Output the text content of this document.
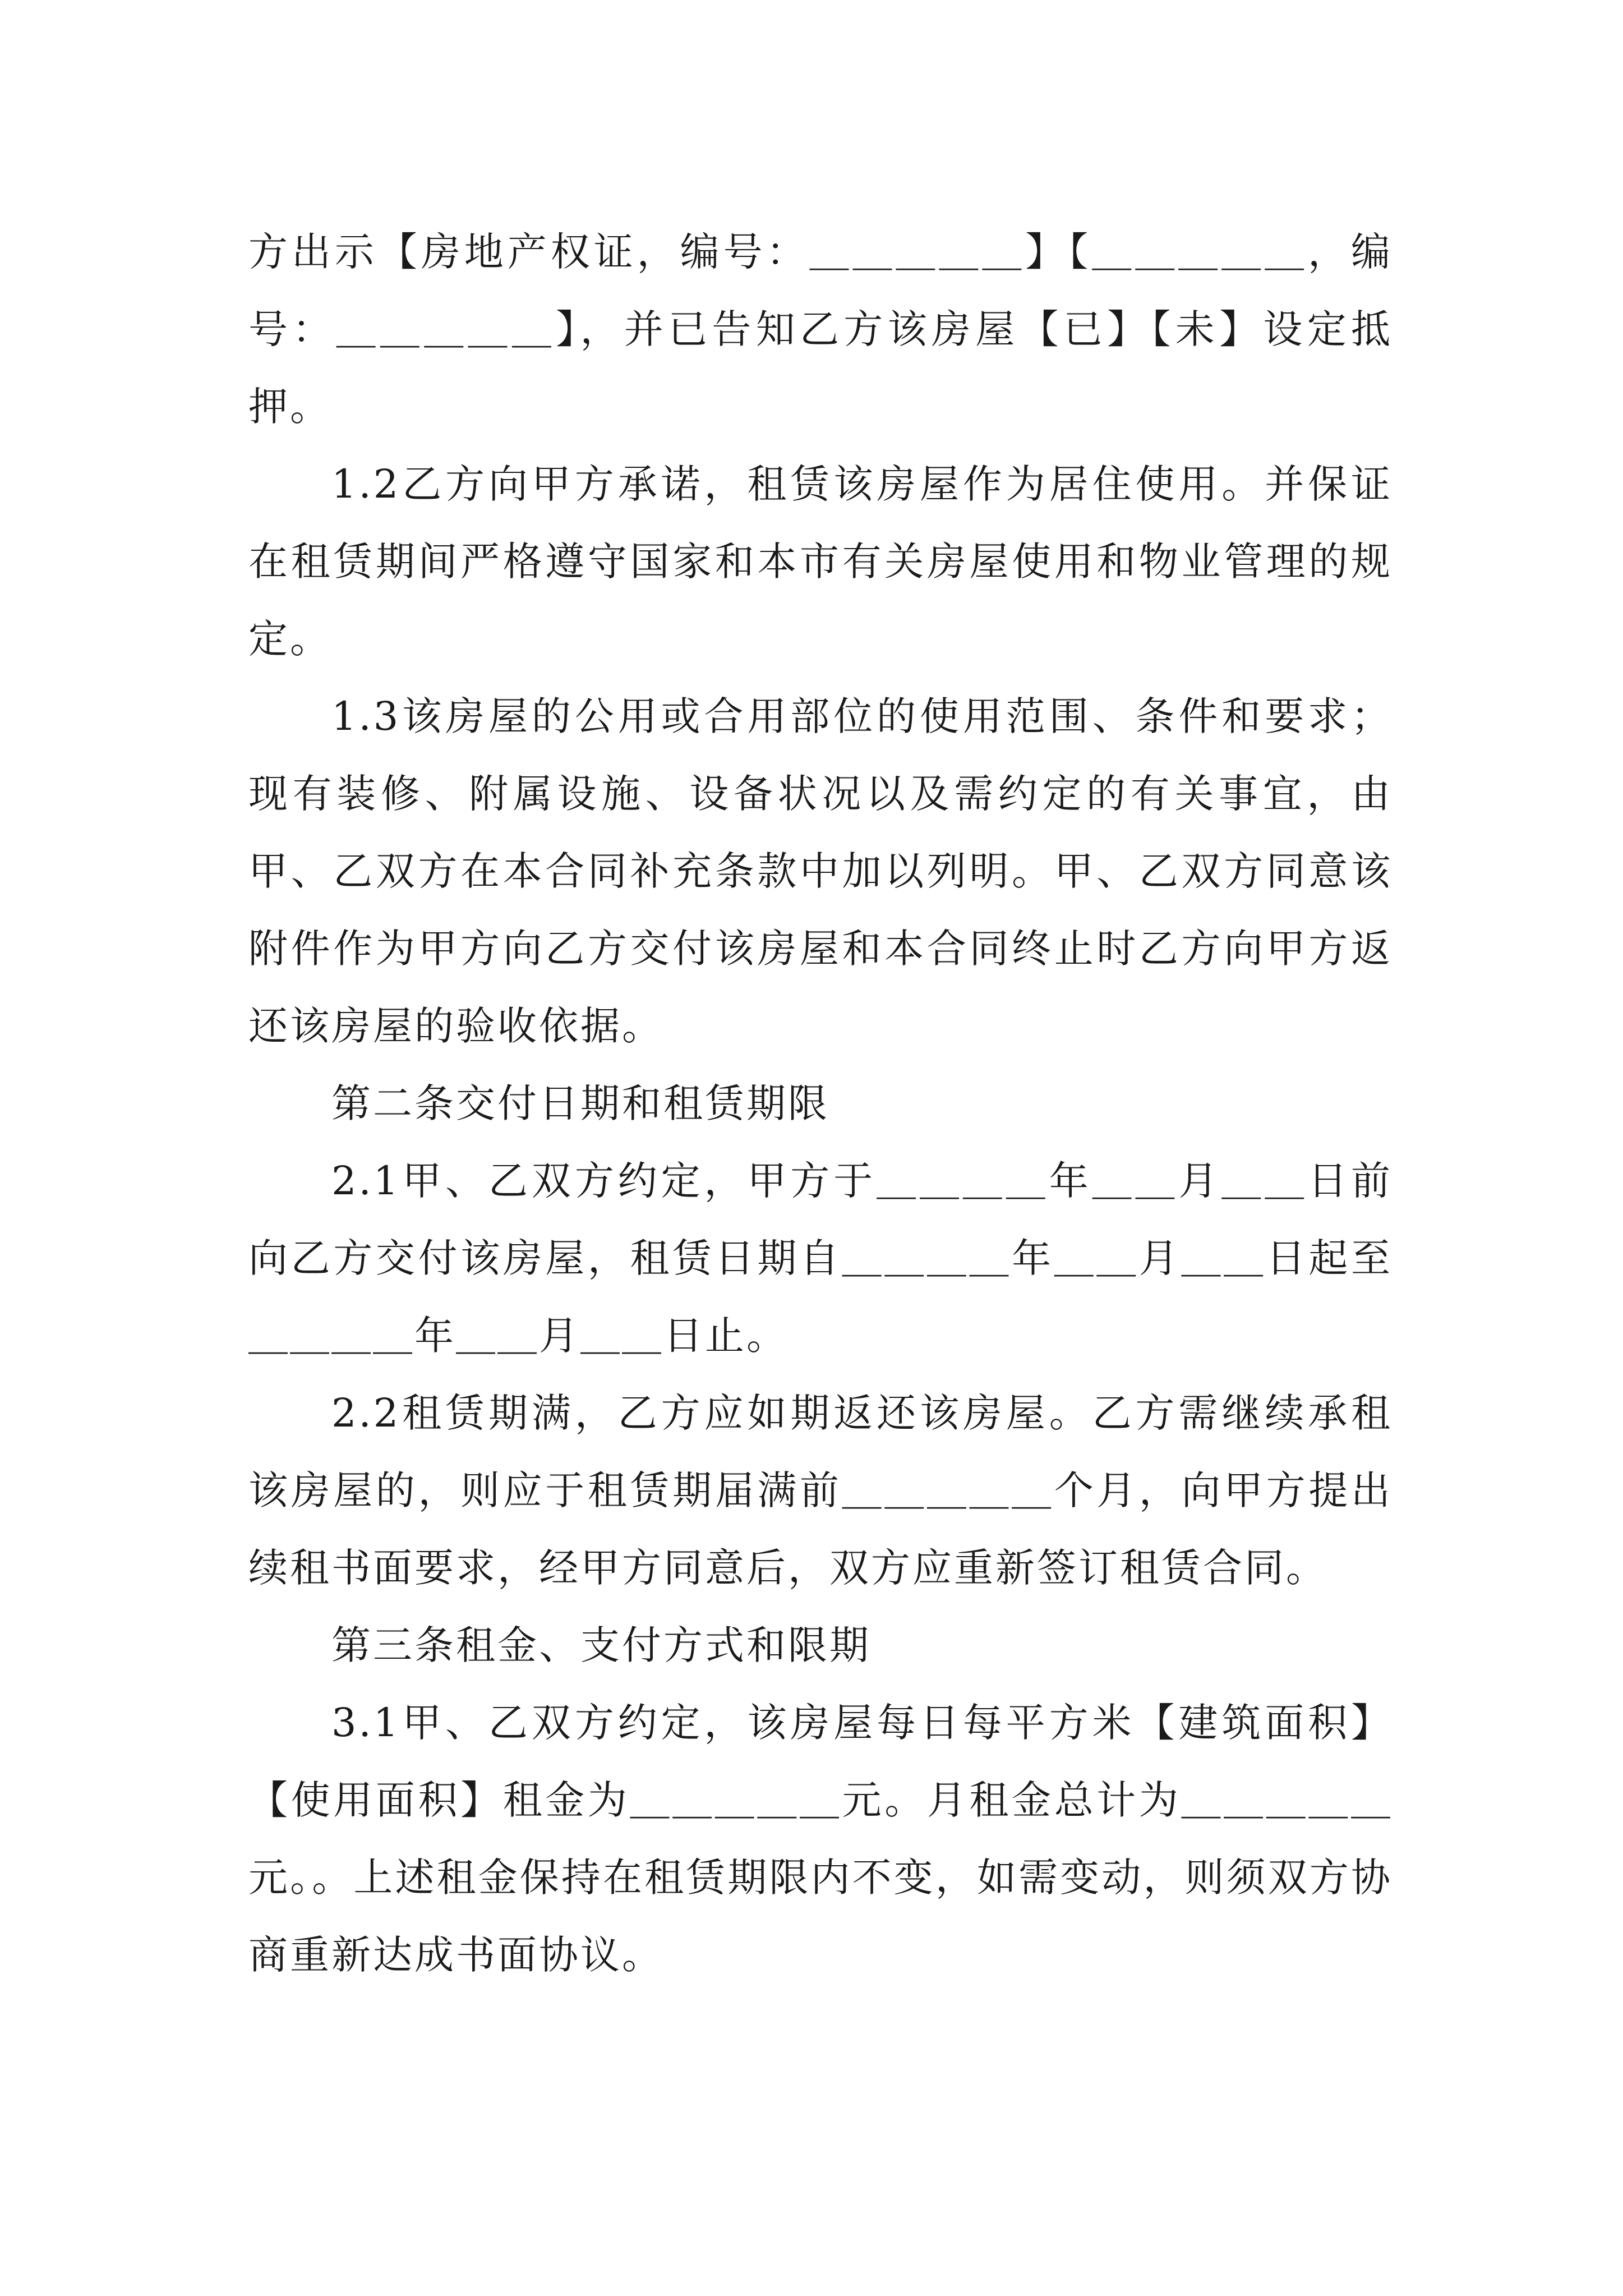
方出示【房地产权证，编号：＿＿＿＿＿】【＿＿＿＿＿，编号：＿＿＿＿＿】，并已告知乙方该房屋【已】【未】设定抵押。

1.2乙方向甲方承诺，租赁该房屋作为居住使用。并保证在租赁期间严格遵守国家和本市有关房屋使用和物业管理的规定。

1.3该房屋的公用或合用部位的使用范围、条件和要求；现有装修、附属设施、设备状况以及需约定的有关事宜，由甲、乙双方在本合同补充条款中加以列明。甲、乙双方同意该附件作为甲方向乙方交付该房屋和本合同终止时乙方向甲方返还该房屋的验收依据。

第二条交付日期和租赁期限

2.1甲、乙双方约定，甲方于＿＿＿＿年＿＿月＿＿日前向乙方交付该房屋，租赁日期自＿＿＿＿年＿＿月＿＿日起至＿＿＿＿年＿＿月＿＿日止。

2.2租赁期满，乙方应如期返还该房屋。乙方需继续承租该房屋的，则应于租赁期届满前＿＿＿＿＿个月，向甲方提出续租书面要求，经甲方同意后，双方应重新签订租赁合同。

第三条租金、支付方式和限期

3.1甲、乙双方约定，该房屋每日每平方米【建筑面积】【使用面积】租金为＿＿＿＿＿元。月租金总计为＿＿＿＿＿元。。上述租金保持在租赁期限内不变，如需变动，则须双方协商重新达成书面协议。
